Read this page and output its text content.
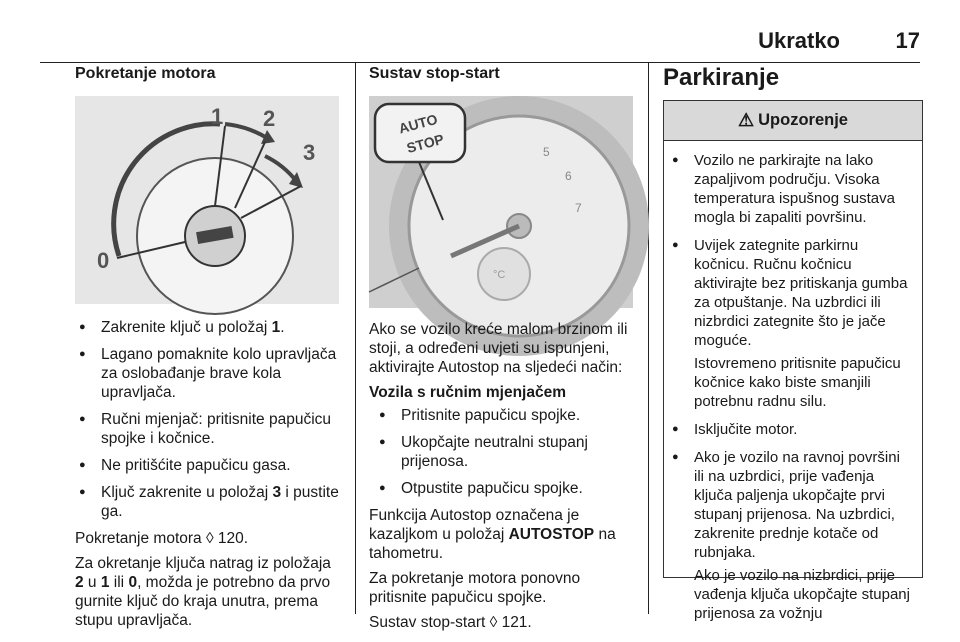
Ukratko	17
Pokretanje motora
1 2
3
0
● Zakrenite ključ u položaj 1.
● Lagano pomaknite kolo upravljača za oslobađanje brave kola upravljača.
● Ručni mjenjač: pritisnite papučicu spojke i kočnice.
● Ne pritišćite papučicu gasa.
● Ključ zakrenite u položaj 3 i pustite ga.

Pokretanje motora ◊ 120.

Za okretanje ključa natrag iz položaja 2 u 1 ili 0, možda je potrebno da prvo gurnite ključ do kraja unutra, prema stupu upravljača.

Sustav stop-start
5
6
7
°C
AUTO
STOP

Ako se vozilo kreće malom brzinom ili stoji, a određeni uvjeti su ispunjeni, aktivirajte Autostop na sljedeći način:

Vozila s ručnim mjenjačem

● Pritisnite papučicu spojke.
● Ukopčajte neutralni stupanj prijenosa.
● Otpustite papučicu spojke.

Funkcija Autostop označena je kazaljkom u položaj AUTOSTOP na tahometru.

Za pokretanje motora ponovno pritisnite papučicu spojke.

Sustav stop-start ◊ 121.

Parkiranje
⚠ Upozorenje
● Vozilo ne parkirajte na lako zapaljivom području. Visoka temperatura ispušnog sustava mogla bi zapaliti površinu.
● Uvijek zategnite parkirnu kočnicu. Ručnu kočnicu aktivirajte bez pritiskanja gumba za otpuštanje. Na uzbrdici ili nizbrdici zategnite što je jače moguće.
Istovremeno pritisnite papučicu kočnice kako biste smanjili potrebnu radnu silu.
● Isključite motor.
● Ako je vozilo na ravnoj površini ili na uzbrdici, prije vađenja ključa paljenja ukopčajte prvi stupanj prijenosa. Na uzbrdici, zakrenite prednje kotače od rubnjaka.
Ako je vozilo na nizbrdici, prije vađenja ključa ukopčajte stupanj prijenosa za vožnju
